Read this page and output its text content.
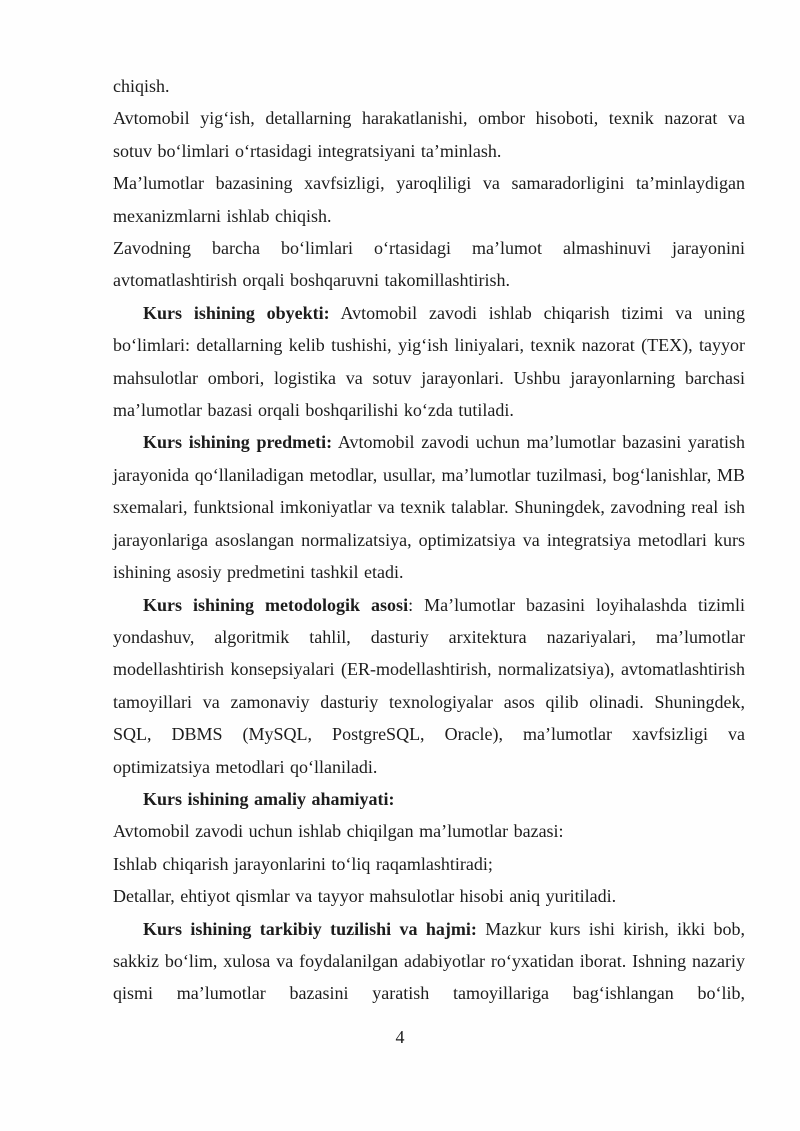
chiqish.

Avtomobil yig‘ish, detallarning harakatlanishi, ombor hisoboti, texnik nazorat va sotuv bo‘limlari o‘rtasidagi integratsiyani ta’minlash.

Ma’lumotlar bazasining xavfsizligi, yaroqliligi va samaradorligini ta’minlaydigan mexanizmlarni ishlab chiqish.

Zavodning barcha bo‘limlari o‘rtasidagi ma’lumot almashinuvi jarayonini avtomatlashtirish orqali boshqaruvni takomillashtirish.

Kurs ishining obyekti: Avtomobil zavodi ishlab chiqarish tizimi va uning bo‘limlari: detallarning kelib tushishi, yig‘ish liniyalari, texnik nazorat (TEX), tayyor mahsulotlar ombori, logistika va sotuv jarayonlari. Ushbu jarayonlarning barchasi ma’lumotlar bazasi orqali boshqarilishi ko‘zda tutiladi.

Kurs ishining predmeti: Avtomobil zavodi uchun ma’lumotlar bazasini yaratish jarayonida qo‘llaniladigan metodlar, usullar, ma’lumotlar tuzilmasi, bog‘lanishlar, MB sxemalari, funktsional imkoniyatlar va texnik talablar. Shuningdek, zavodning real ish jarayonlariga asoslangan normalizatsiya, optimizatsiya va integratsiya metodlari kurs ishining asosiy predmetini tashkil etadi.

Kurs ishining metodologik asosi: Ma’lumotlar bazasini loyihalashda tizimli yondashuv, algoritmik tahlil, dasturiy arxitektura nazariyalari, ma’lumotlar modellashtirish konsepsiyalari (ER-modellashtirish, normalizatsiya), avtomatlashtirish tamoyillari va zamonaviy dasturiy texnologiyalar asos qilib olinadi. Shuningdek, SQL, DBMS (MySQL, PostgreSQL, Oracle), ma’lumotlar xavfsizligi va optimizatsiya metodlari qo‘llaniladi.

Kurs ishining amaliy ahamiyati:

Avtomobil zavodi uchun ishlab chiqilgan ma’lumotlar bazasi:

Ishlab chiqarish jarayonlarini to‘liq raqamlashtiradi;

Detallar, ehtiyot qismlar va tayyor mahsulotlar hisobi aniq yuritiladi.

Kurs ishining tarkibiy tuzilishi va hajmi: Mazkur kurs ishi kirish, ikki bob, sakkiz bo‘lim, xulosa va foydalanilgan adabiyotlar ro‘yxatidan iborat. Ishning nazariy qismi ma’lumotlar bazasini yaratish tamoyillariga bag‘ishlangan bo‘lib,

4
